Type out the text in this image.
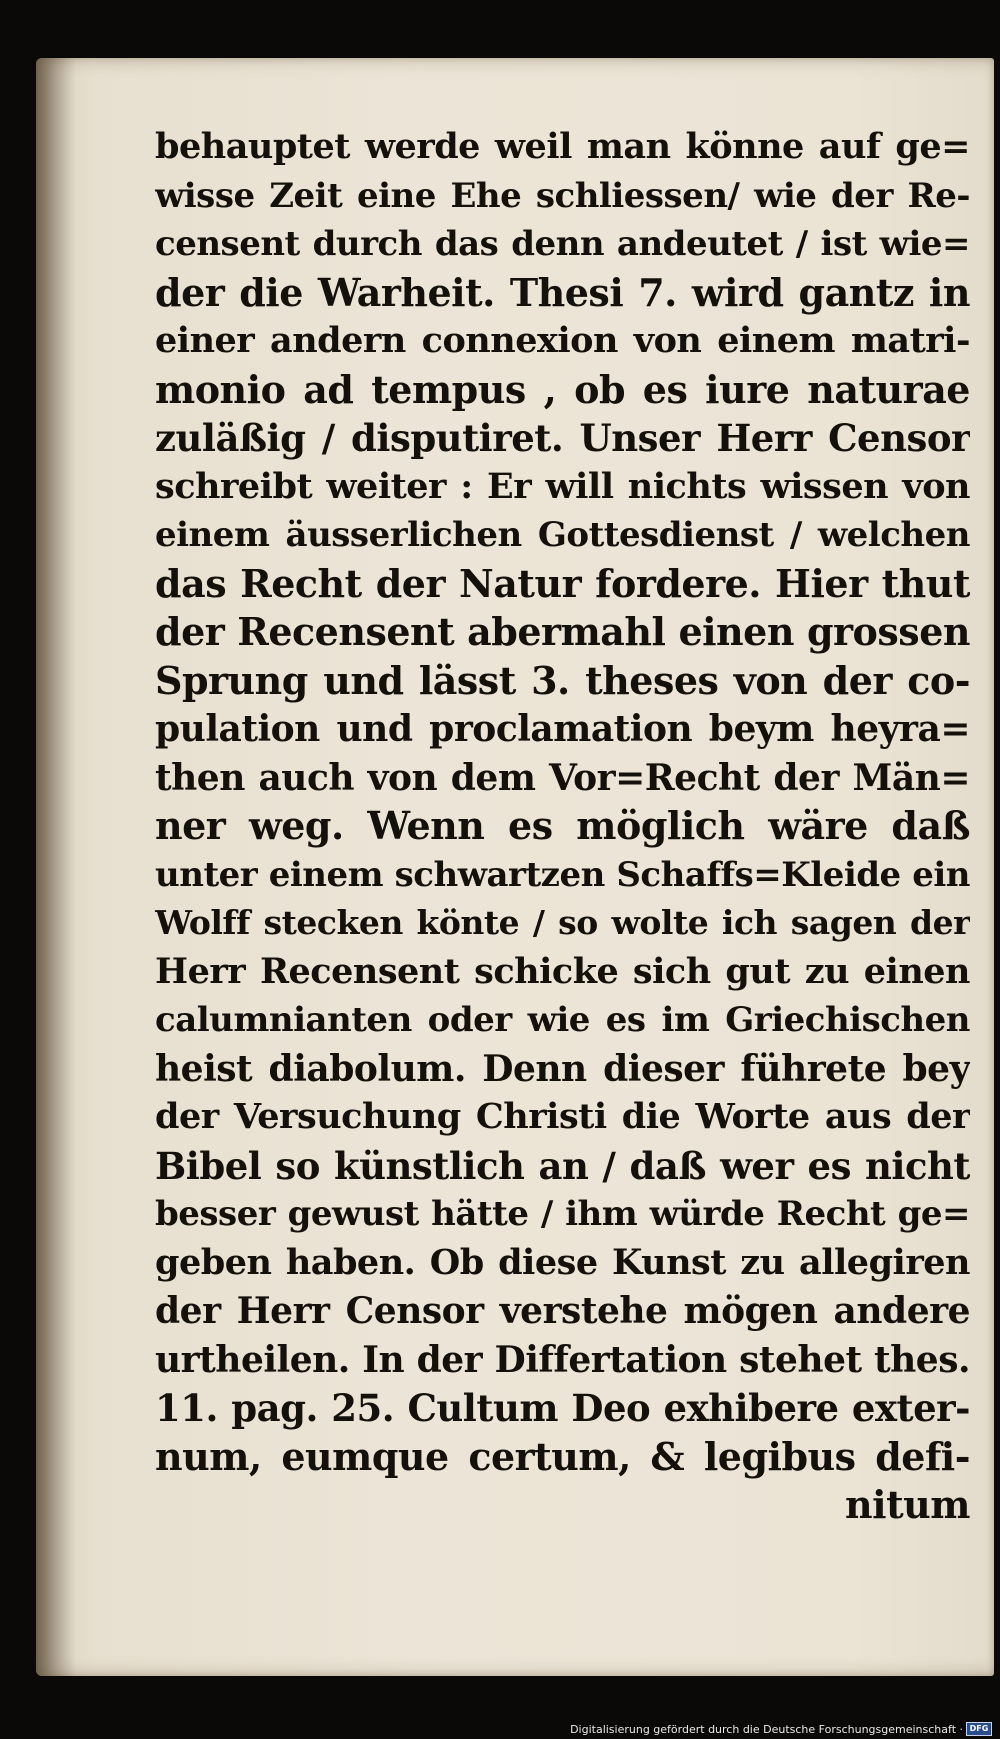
behauptet werde weil man könne auf ge=
wisse Zeit eine Ehe schliessen/ wie der Re-
censent durch das denn andeutet / ist wie=
der die Warheit. Thesi 7. wird gantz in
einer andern connexion von einem matri-
monio ad tempus , ob es iure naturae
zuläßig / disputiret. Unser Herr Censor
schreibt weiter : Er will nichts wissen von
einem äusserlichen Gottesdienst / welchen
das Recht der Natur fordere. Hier thut
der Recensent abermahl einen grossen
Sprung und lässt 3. theses von der co-
pulation und proclamation beym heyra=
then auch von dem Vor=Recht der Män=
ner weg. Wenn es möglich wäre daß
unter einem schwartzen Schaffs=Kleide ein
Wolff stecken könte / so wolte ich sagen der
Herr Recensent schicke sich gut zu einen
calumnianten oder wie es im Griechischen
heist diabolum. Denn dieser führete bey
der Versuchung Christi die Worte aus der
Bibel so künstlich an / daß wer es nicht
besser gewust hätte / ihm würde Recht ge=
geben haben. Ob diese Kunst zu allegiren
der Herr Censor verstehe mögen andere
urtheilen. In der Differtation stehet thes.
11. pag. 25. Cultum Deo exhibere exter-
num, eumque certum, & legibus defi-
nitum
Digitalisierung gefördert durch die Deutsche Forschungsgemeinschaft · DFG
